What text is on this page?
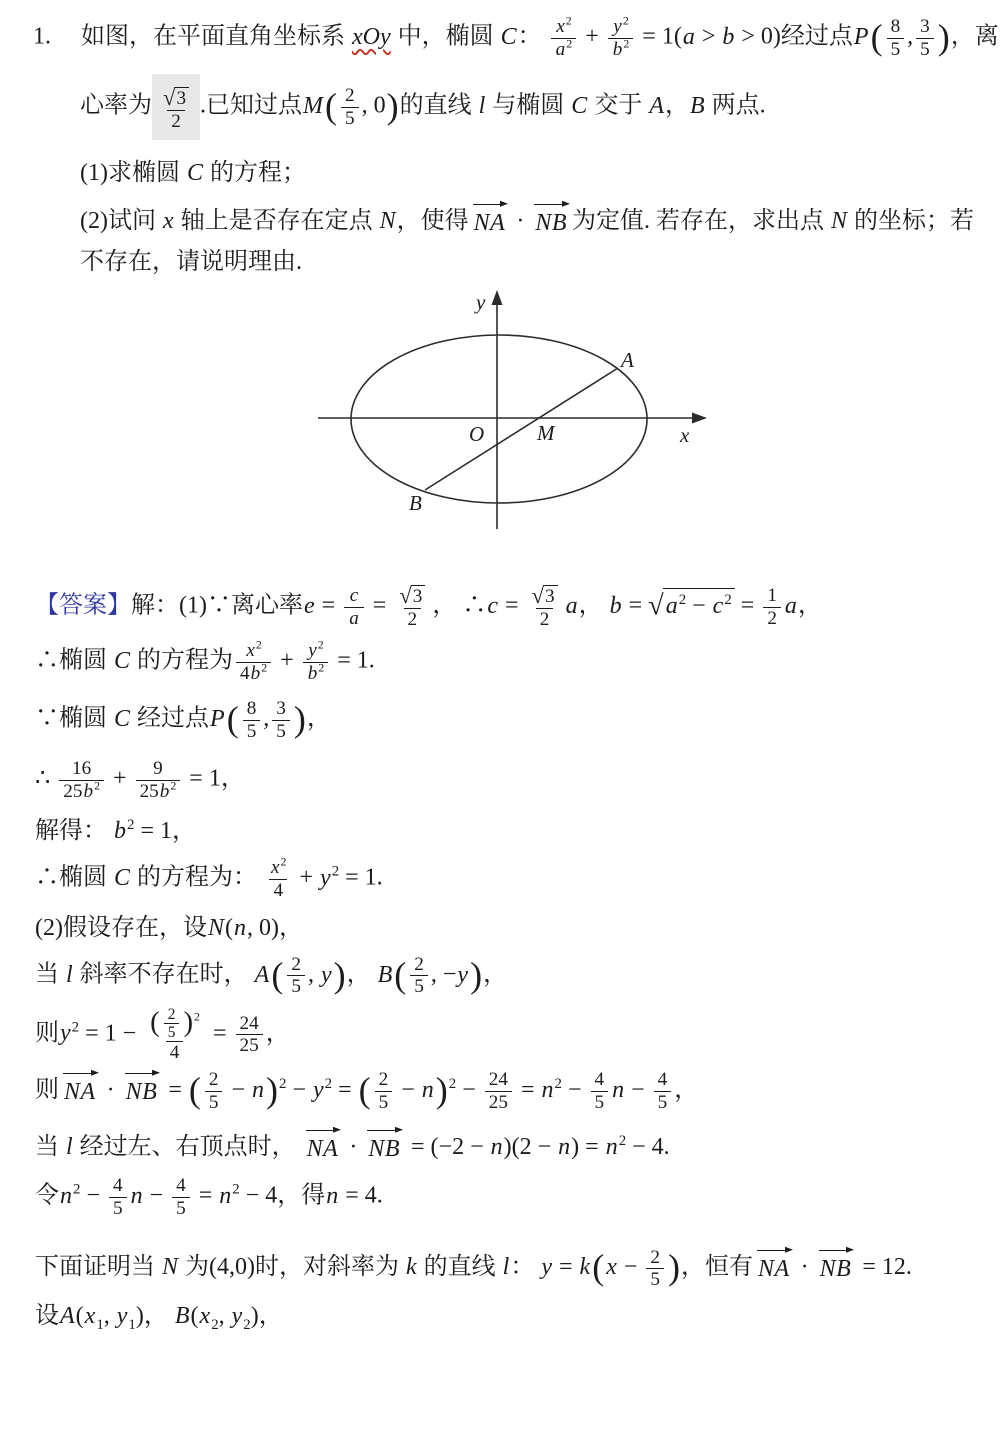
1. 如图，在平面直角坐标系 xOy 中，椭圆 C： $\frac{x^2}{a^2} + \frac{y^2}{b^2} = 1(a > b > 0)$经过点$P( \frac{8}{5}$ , $\frac{3}{5}$ )，离
心率为 $\frac{√3}{2}$ .已知过点$M( \frac{2}{5}$ , 0)的直线 l 与椭圆 C 交于 A，B 两点.
(1)求椭圆 C 的方程；
(2)试问 x 轴上是否存在定点 N，使得 NA ·
NB 为定值. 若存在，求出点 N 的坐标；若
不存在，请说明理由.
y
x
O	M
A
B
【答案】解：(1)∵离心率$e = \frac{c}{a} = \frac{√3}{2}$ ， ∴c = $\frac{√3}{2}$ a， $b = √a^2 - c^2 = \frac{1}{2}$ a，
∴椭圆 C 的方程为 $\frac{x^2}{4b^2} + \frac{y^2}{b^2} = 1$.
∵椭圆 C 经过点$P( \frac{8}{5}$ , $\frac{3}{5}$ )，
∴ $\frac{16}{25b^2} + \frac{9}{25b^2} = 1$，
解得： $b^2 = 1$，
∴椭圆 C 的方程为： $\frac{x^2}{4} + y^2 = 1$.
(2)假设存在，设N(n, 0)，
当 l 斜率不存在时， $A( \frac{2}{5}$ , y)， $B( \frac{2}{5}$ , −y)，
则$y^2 = 1 - \frac{( \frac{2}{5} )^2}{4} = \frac{24}{25}$ ，
则 NA ·
NB = ( $\frac{2}{5} - n)^2 - y^2$ = ( $\frac{2}{5} - n)^2 - \frac{24}{25} = n^2 - \frac{4}{5}$ $n - \frac{4}{5}$ ，
当 l 经过左、右顶点时，
NA ·
NB = $(-2 - n)(2 - n) = n^2 - 4$.
令$n^2 - \frac{4}{5}$ $n - \frac{4}{5} = n^2 - 4$，得n = 4.
下面证明当 N 为(4,0)时，对斜率为 k 的直线 l： $y = k(x - \frac{2}{5}$ )，恒有 NA ·
NB = 12.
设$A(x_1$, $y_1$)， $B(x_2$, $y_2$)，
